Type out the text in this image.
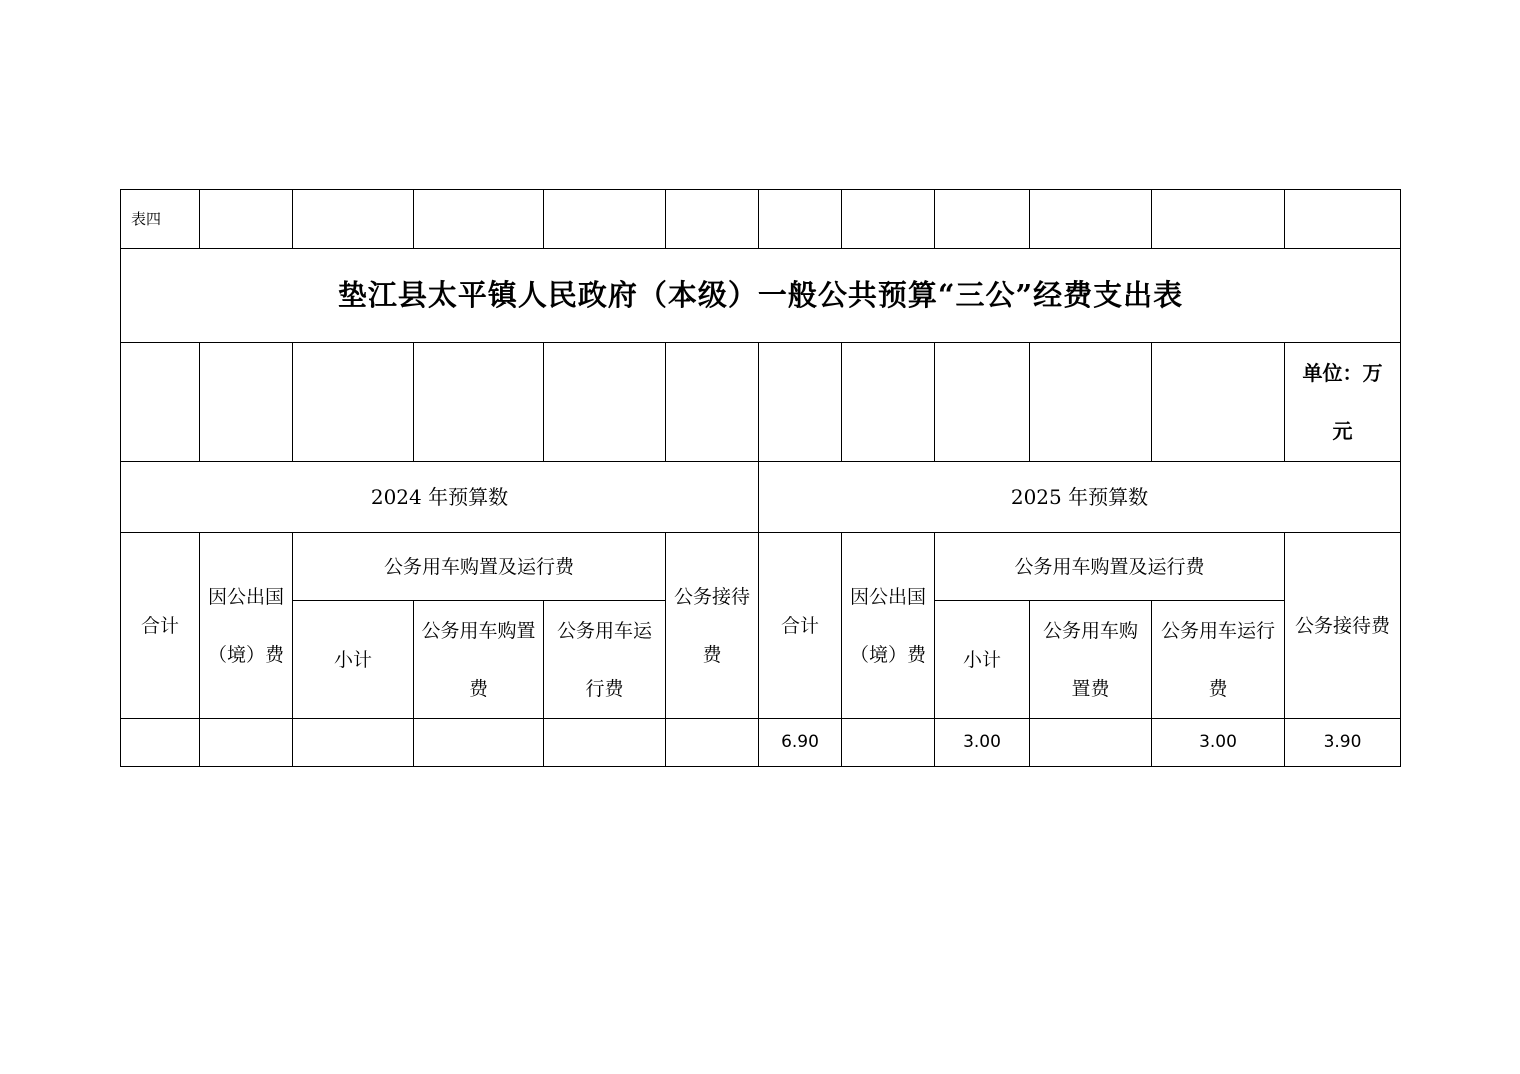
表四											
垫江县太平镇人民政府（本级）一般公共预算“三公”经费支出表											
											单位：万元
2024 年预算数						2025 年预算数					
合计	因公出国（境）费	公务用车购置及运行费			公务接待费	合计	因公出国（境）费	公务用车购置及运行费			公务接待费
		小计	公务用车购置费	公务用车运行费				小计	公务用车购置费	公务用车运行费	
						6.90		3.00		3.00	3.90
